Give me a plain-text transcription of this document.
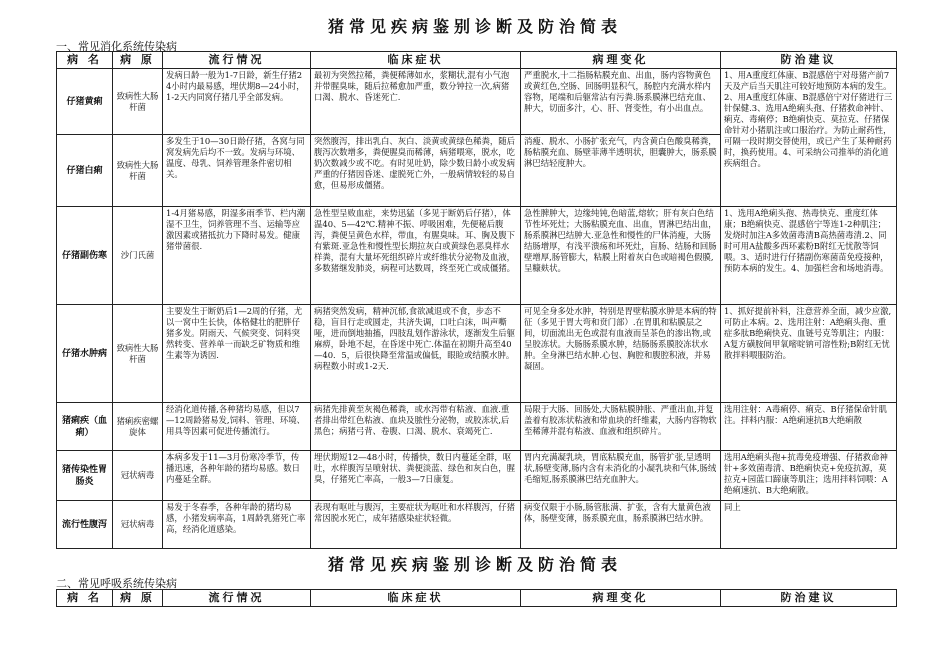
猪常见疾病鉴别诊断及防治简表

一、常见消化系统传染病

病 名	病 原	流行情况	临床症状	病理变化	防治建议
仔猪黄痢	致病性大肠杆菌	发病日龄一般为1-7日龄，新生仔猪24小时内最易感，埋伏期8—24小时，1-2天内同窝仔猪几乎全部发病。	最初为突然拉稀，粪便稀薄如水，浆糊状,混有小气泡并带腥臭味，随后拉稀愈加严重，数分钟拉一次,病猪口渴、脱水、昏迷死亡.	严重脱水,十二指肠粘膜充血、出血，肠内容物黄色或黄红色,空肠、回肠明显积气，肠腔内充满水样内容物，尾端和后躯常沾有污粪.肠系膜淋巴结充血、肿大，切面多汁，心、肝、肾变性，有小出血点。	1、用A重度红体康、B混感倍宁对母猪产前7天及产后当天肌注可较好地预防本病的发生。2、用A重度红体康、B混感倍宁对仔猪进行三针保健.3、选用A绝痢头孢、仔猪救命神针、痢克、毒痢停；B绝痢快克、莫拉克、仔猪保命针对小猪肌注或口服治疗。为防止耐药性，可隔一段时期交替使用，或已产生了某种耐药时，换药使用。4、可采纳公司推举的消化道疾病组合。
仔猪白痢	致病性大肠杆菌	多发生于10—30日龄仔猪，各窝与同窝发病先后均不一致。发病与环境、温度、母乳、饲养管理条件密切相关。	突然腹泻，排出乳白、灰白、淡黄或黄绿色稀粪，随后腹泻次数增多，粪便腥臭而稀薄，病猪喂寒，脱水，吃奶次数减少或不吃。有时见吐奶，除少数日龄小或发病严重的仔猪因昏迷、虚脱死亡外，一般病情较轻的易自愈，但易形成僵猪。	消瘦、脱水、小肠扩张充气，内含黄白色酸臭稀粪，肠粘膜充血、肠壁菲薄半透明状，胆囊肿大，肠系膜淋巴结轻度肿大。	
仔猪副伤寒	沙门氏菌	1-4月猪易感，阴湿多雨季节、栏内潮湿不卫生，饲养管理不当、运输等应激因素或猪抵抗力下降时易发。健康猪带菌很.	急性型呈败血症，来势迅猛（多见于断奶后仔猪），体温40、5—42℃.精神不振、呼吸困难，先便秘后腹泻，粪便呈黄色水样，带血，有腥臭味。耳、胸及腹下有紫斑.亚急性和慢性型长期拉灰白或黄绿色恶臭样水样粪，混有大量坏死组织碎片或纤维状分泌物及血液，多数猪继发肺炎，病程可达数周，终至死亡或成僵猪。	急性脾肿大，边缘纯钝,色暗蓝,熔软；肝有灰白色结节性坏死灶；大肠粘膜充血、出血，胃淋巴结出血，肠系膜淋巴结肿大.亚急性和慢性的尸体消瘦，大肠结肠增厚，有浅平溃疡和坏死灶，盲肠、结肠和回肠壁增厚,肠管膨大，粘膜上附着灰白色或暗褐色假膜,呈糠麸状。	1、选用A绝痢头孢、热毒快克、重度红体康；B绝痢快克、混感倍宁等连1-2种肌注；发烧时加注A多效菌毒清B高热菌毒清.2、同时可用A盐酸多西环素粉B附红无忧散等饲喂。3、适时进行仔猪副伤寒菌苗免疫接种，预防本病的发生。4、加强栏舍和场地消毒。
仔猪水肿病	致病性大肠杆菌	主要发生于断奶后1—2周的仔猪，尤以一窝中生长快，体格健壮的肥胖仔猪多发。阴雨天、气候突变、饲料突然转变、营养单一而缺乏矿物质和维生素等为诱因.	病猪突然发病，精神沉郁,食欲减退或不食，步态不稳，盲目行走或圆走，共济失调，口吐白沫，叫声嘶哑，进而倒地抽搐，四肢乱划作游泳状，逐渐发生后躯麻痹，卧地不起，在昏迷中死亡.体温在初期升高至40—40．5，后很快降至常温或偏低，眼睑或结膜水肿。病程数小时或1-2天.	可见全身多处水肿，特别是胃壁粘膜水肿是本病的特征（多见于胃大弯和贲门部）.在胃肌和粘膜层之间，切面流出无色或混有血液而呈茶色的渗出物,或呈胶冻状。大肠肠系膜水肿，结肠肠系膜胶冻状水肿。全身淋巴结水肿.心包、胸腔和腹腔积液，并易凝固。	1、抓好提前补料，注意营养全面，减少应激,可防止本病。2、选用注射：A绝痢头孢、重症多肽B绝痢快克、血链号克等肌注；内服：A复方磺胺间甲氧嘧啶钠可溶性粉;B附红无忧散拌料喂服防治。
猪痢疾（血痢）	猪痢疾密螺旋体	经消化道传播,各种猪均易感，但以7—12周龄猪易发,饲料、管理、环境、用具等因素可促进传播流行。	病猪先排黄至灰褐色稀粪，或水泻带有粘液、血液.重者排出带红色粘液、血块及脓性分泌物，或胶冻状,后黑色；病猪弓背、卷腹、口渴、脱水、衰竭死亡.	局限于大肠、回肠处,大肠粘膜肿胀、严重出血,并复盖着有胶冻状粘液和带血块的纤维素，大肠内容物软至稀薄并混有粘液、血液和组织碎片。	选用注射：A毒痢停、痢克、B仔猪保命针肌注。拌料内服：A绝痢速抗B大绝痢散
猪传染性胃肠炎	冠状病毒	本病多发于11—3月份寒冷季节，传播迅速，各种年龄的猪均易感。数日内蔓延全群。	埋伏期短12—48小时，传播快，数日内蔓延全群，呕吐，水样腹泻呈喷射状、粪便淡蓝、绿色和灰白色，腥臭，仔猪死亡率高，一般3—7日康复。	胃内充满凝乳块，胃底粘膜充血，肠管扩张,呈透明状,肠壁变薄,肠内含有未消化的小凝乳块和气体,肠绒毛缩短,肠系膜淋巴结充血肿大。	选用A绝痢头孢+抗毒免疫增强、仔猪救命神针+多效菌毒清、B绝痢快克+免疫抗源，莫拉克+园蓝口蹄康等肌注；选用拌料饲喂：A绝痢速抗、B大绝痢散。
流行性腹泻	冠状病毒	易发于冬春季，各种年龄的猪均易感，小猪发病率高，1周龄乳猪死亡率高，经消化道感染。	表现有呕吐与腹泻，主要症状为呕吐和水样腹泻，仔猪常因脱水死亡，成年猪感染症状轻微。	病变仅限于小肠,肠管胀满、扩张，含有大量黄色液体，肠壁变薄，肠系膜充血，肠系膜淋巴结水肿。	同上
猪常见疾病鉴别诊断及防治简表

二、常见呼吸系统传染病

病 名	病 原	流行情况	临床症状	病理变化	防治建议
